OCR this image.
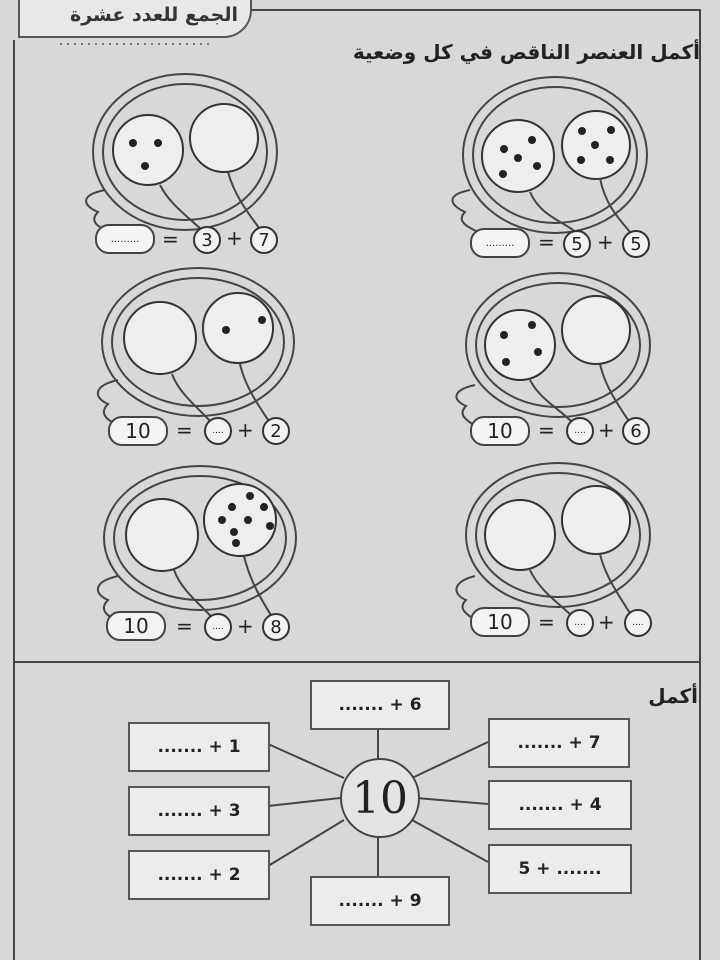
الجمع للعدد عشرة
أكمل العنصر الناقص في كل وضعية
......... = 5 + 5
......... =	3 + 7
10	=	.... + 6
10	=	.... + 2
10	=	.... +	....
10	=	.... + 8
أكمل
10
....... + 6
....... + 1	....... + 7
....... + 3	....... + 4
....... + 2	5 + .......
....... + 9
